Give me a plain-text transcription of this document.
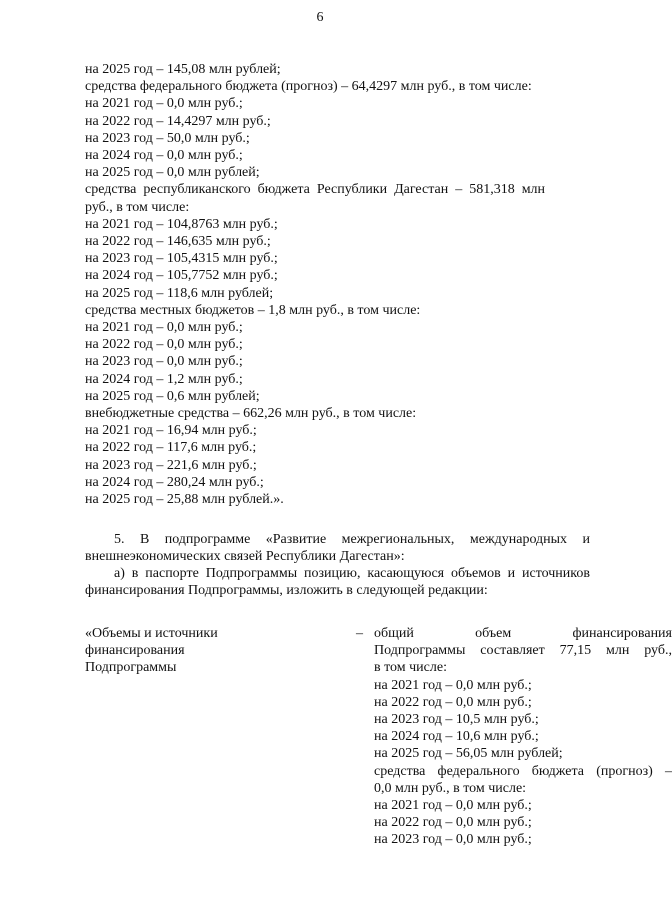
6
на 2025 год – 145,08 млн рублей;
средства федерального бюджета (прогноз) – 64,4297 млн руб., в том числе:
на 2021 год – 0,0 млн руб.;
на 2022 год – 14,4297 млн руб.;
на 2023 год – 50,0 млн руб.;
на 2024 год – 0,0 млн руб.;
на 2025 год – 0,0 млн рублей;
средства  республиканского  бюджета  Республики  Дагестан  –  581,318  млн
руб., в том числе:
на 2021 год – 104,8763 млн руб.;
на 2022 год – 146,635 млн руб.;
на 2023 год – 105,4315 млн руб.;
на 2024 год – 105,7752 млн руб.;
на 2025 год – 118,6 млн рублей;
средства местных бюджетов – 1,8 млн руб., в том числе:
на 2021 год – 0,0 млн руб.;
на 2022 год – 0,0 млн руб.;
на 2023 год – 0,0 млн руб.;
на 2024 год – 1,2 млн руб.;
на 2025 год – 0,6 млн рублей;
внебюджетные средства – 662,26 млн руб., в том числе:
на 2021 год – 16,94 млн руб.;
на 2022 год – 117,6 млн руб.;
на 2023 год – 221,6 млн руб.;
на 2024 год – 280,24 млн руб.;
на 2025 год – 25,88 млн рублей.».
5. В подпрограмме «Развитие межрегиональных, международных и
внешнеэкономических связей Республики Дагестан»:
а) в паспорте Подпрограммы позицию, касающуюся объемов и источников
финансирования Подпрограммы, изложить в следующей редакции:
«Объемы и источники
финансирования
Подпрограммы
– общий объем финансирования
Подпрограммы составляет 77,15 млн руб.,
в том числе:
на 2021 год – 0,0 млн руб.;
на 2022 год – 0,0 млн руб.;
на 2023 год – 10,5 млн руб.;
на 2024 год – 10,6 млн руб.;
на 2025 год – 56,05 млн рублей;
средства федерального бюджета (прогноз) –
0,0 млн руб., в том числе:
на 2021 год – 0,0 млн руб.;
на 2022 год – 0,0 млн руб.;
на 2023 год – 0,0 млн руб.;
